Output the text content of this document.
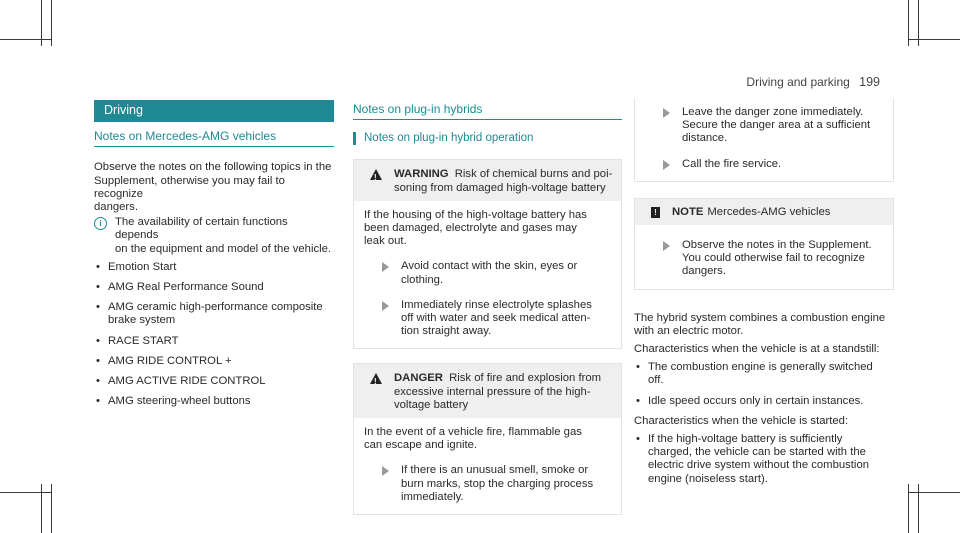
Driving and parking 199
Driving
Notes on Mercedes-AMG vehicles

Observe the notes on the following topics in the
Supplement, otherwise you may fail to recognize
dangers.

i	The availability of certain functions depends
on the equipment and model of the vehicle.

• Emotion Start
• AMG Real Performance Sound
• AMG ceramic high-performance composite
brake system
• RACE START
• AMG RIDE CONTROL +
• AMG ACTIVE RIDE CONTROL
• AMG steering-wheel buttons
Notes on plug-in hybrids
Notes on plug-in hybrid operation
! WARNING Risk of chemical burns and poi-
soning from damaged high-voltage battery

If the housing of the high-voltage battery has
been damaged, electrolyte and gases may
leak out.

Avoid contact with the skin, eyes or
clothing.

Immediately rinse electrolyte splashes
off with water and seek medical atten-
tion straight away.

! DANGER Risk of fire and explosion from
excessive internal pressure of the high-
voltage battery

In the event of a vehicle fire, flammable gas
can escape and ignite.

If there is an unusual smell, smoke or
burn marks, stop the charging process
immediately.

Leave the danger zone immediately.
Secure the danger area at a sufficient
distance.

Call the fire service.

! NOTE Mercedes-AMG vehicles

Observe the notes in the Supplement.
You could otherwise fail to recognize
dangers.

The hybrid system combines a combustion engine
with an electric motor.

Characteristics when the vehicle is at a standstill:

• The combustion engine is generally switched
off.
• Idle speed occurs only in certain instances.

Characteristics when the vehicle is started:

• If the high-voltage battery is sufficiently
charged, the vehicle can be started with the
electric drive system without the combustion
engine (noiseless start).
